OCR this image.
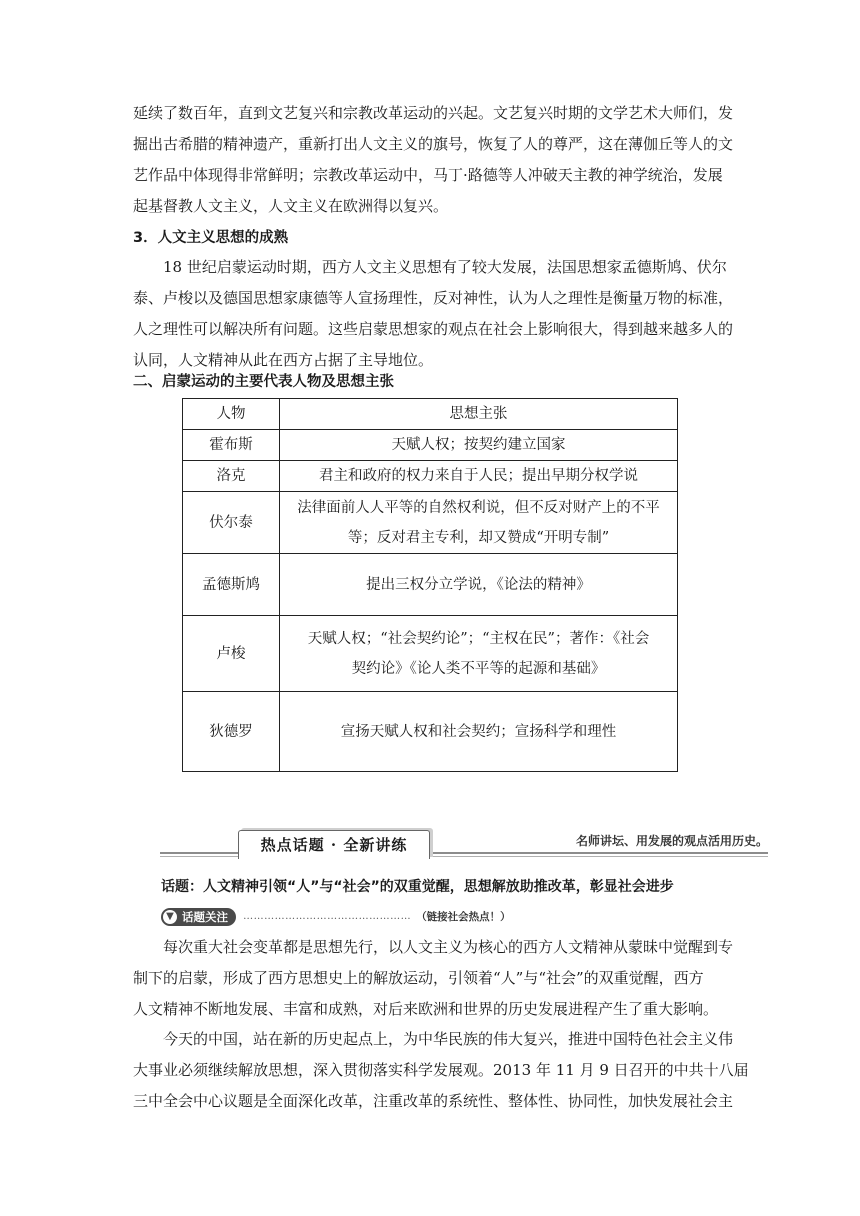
延续了数百年，直到文艺复兴和宗教改革运动的兴起。文艺复兴时期的文学艺术大师们，发
掘出古希腊的精神遗产，重新打出人文主义的旗号，恢复了人的尊严，这在薄伽丘等人的文
艺作品中体现得非常鲜明；宗教改革运动中，马丁·路德等人冲破天主教的神学统治，发展
起基督教人文主义，人文主义在欧洲得以复兴。
3．人文主义思想的成熟
18 世纪启蒙运动时期，西方人文主义思想有了较大发展，法国思想家孟德斯鸠、伏尔
泰、卢梭以及德国思想家康德等人宣扬理性，反对神性，认为人之理性是衡量万物的标准，
人之理性可以解决所有问题。这些启蒙思想家的观点在社会上影响很大，得到越来越多人的
认同，人文精神从此在西方占据了主导地位。
二、启蒙运动的主要代表人物及思想主张
人物	思想主张
霍布斯	天赋人权；按契约建立国家
洛克	君主和政府的权力来自于人民；提出早期分权学说
伏尔泰	法律面前人人平等的自然权利说，但不反对财产上的不平
等；反对君主专利，却又赞成“开明专制”

孟德斯鸠	提出三权分立学说，《论法的精神》
卢梭	天赋人权；“社会契约论”；“主权在民”；著作：《社会
契约论》《论人类不平等的起源和基础》

狄德罗	宣扬天赋人权和社会契约；宣扬科学和理性
热点话题 · 全新讲练	名师讲坛、用发展的观点活用历史。
话题：人文精神引领“人”与“社会”的双重觉醒，思想解放助推改革，彰显社会进步
▼ 话题关注 ………………………………………… （链接社会热点！）
每次重大社会变革都是思想先行，以人文主义为核心的西方人文精神从蒙昧中觉醒到专
制下的启蒙，形成了西方思想史上的解放运动，引领着“人”与“社会”的双重觉醒，西方
人文精神不断地发展、丰富和成熟，对后来欧洲和世界的历史发展进程产生了重大影响。
今天的中国，站在新的历史起点上，为中华民族的伟大复兴，推进中国特色社会主义伟
大事业必须继续解放思想，深入贯彻落实科学发展观。2013 年 11 月 9 日召开的中共十八届
三中全会中心议题是全面深化改革，注重改革的系统性、整体性、协同性，加快发展社会主
